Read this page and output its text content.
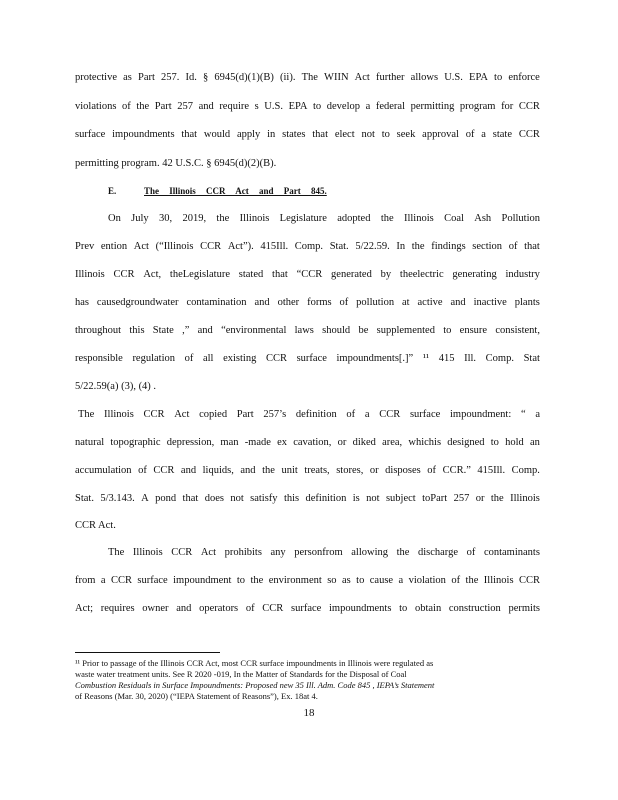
protective as Part 257. Id. § 6945(d)(1)(B) (ii). The WIIN Act further allows U.S. EPA to enforce
violations of the Part 257 and require s U.S. EPA to develop a federal permitting program for CCR
surface impoundments that would apply in states that elect not to seek approval of a state CCR
permitting program. 42 U.S.C. § 6945(d)(2)(B).
E.	The Illinois CCR Act and Part 845.
On July 30, 2019, the Illinois Legislature adopted the Illinois Coal Ash Pollution
Prev ention Act (“Illinois CCR Act”). 415Ill. Comp. Stat. 5/22.59. In the findings section of that
Illinois CCR Act, theLegislature stated that “CCR generated by theelectric generating industry
has causedgroundwater contamination and other forms of pollution at active and inactive plants
throughout this State ,” and “environmental laws should be supplemented to ensure consistent,
responsible regulation of all existing CCR surface impoundments[.]” ¹¹ 415 Ill. Comp. Stat
5/22.59(a) (3), (4) .
The Illinois CCR Act copied Part 257’s definition of a CCR surface impoundment: “ a
natural topographic depression, man -made ex cavation, or diked area, whichis designed to hold an
accumulation of CCR and liquids, and the unit treats, stores, or disposes of CCR.” 415Ill. Comp.
Stat. 5/3.143. A pond that does not satisfy this definition is not subject toPart 257 or the Illinois
CCR Act.
The Illinois CCR Act prohibits any personfrom allowing the discharge of contaminants
from a CCR surface impoundment to the environment so as to cause a violation of the Illinois CCR
Act; requires owner and operators of CCR surface impoundments to obtain construction permits
¹¹ Prior to passage of the Illinois CCR Act, most CCR surface impoundments in Illinois were regulated as
waste water treatment units. See R 2020 -019, In the Matter of Standards for the Disposal of Coal
Combustion Residuals in Surface Impoundments: Proposed new 35 Ill. Adm. Code 845 , IEPA’s Statement
of Reasons (Mar. 30, 2020) (“IEPA Statement of Reasons”), Ex. 18at 4.
18
